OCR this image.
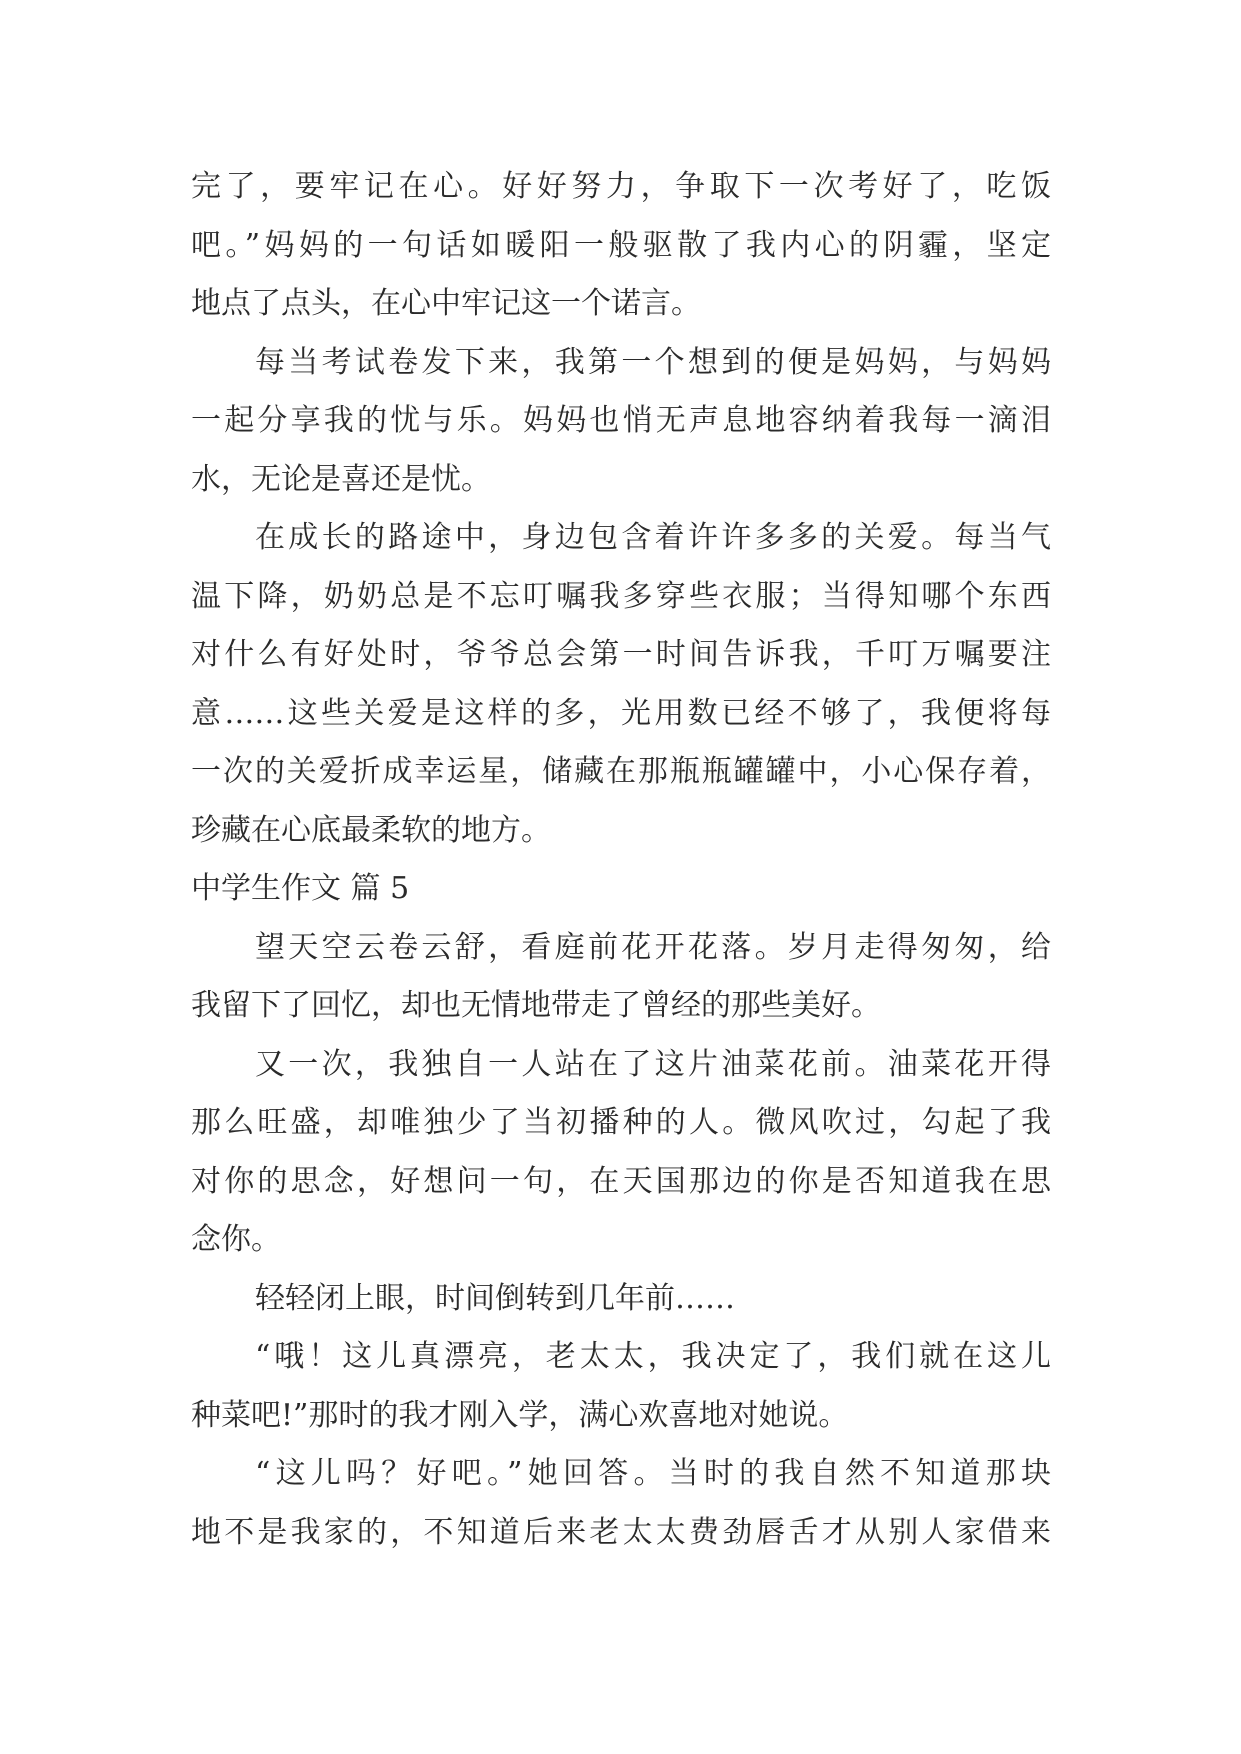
完了，要牢记在心。好好努力，争取下一次考好了，吃饭
吧。”妈妈的一句话如暖阳一般驱散了我内心的阴霾，坚定
地点了点头，在心中牢记这一个诺言。
每当考试卷发下来，我第一个想到的便是妈妈，与妈妈
一起分享我的忧与乐。妈妈也悄无声息地容纳着我每一滴泪
水，无论是喜还是忧。
在成长的路途中，身边包含着许许多多的关爱。每当气
温下降，奶奶总是不忘叮嘱我多穿些衣服；当得知哪个东西
对什么有好处时，爷爷总会第一时间告诉我，千叮万嘱要注
意……这些关爱是这样的多，光用数已经不够了，我便将每
一次的关爱折成幸运星，储藏在那瓶瓶罐罐中，小心保存着，
珍藏在心底最柔软的地方。
中学生作文 篇 5
望天空云卷云舒，看庭前花开花落。岁月走得匆匆，给
我留下了回忆，却也无情地带走了曾经的那些美好。
又一次，我独自一人站在了这片油菜花前。油菜花开得
那么旺盛，却唯独少了当初播种的人。微风吹过，勾起了我
对你的思念，好想问一句，在天国那边的你是否知道我在思
念你。
轻轻闭上眼，时间倒转到几年前……
“哦！这儿真漂亮，老太太，我决定了，我们就在这儿
种菜吧!”那时的我才刚入学，满心欢喜地对她说。
“这儿吗？好吧。”她回答。当时的我自然不知道那块
地不是我家的，不知道后来老太太费劲唇舌才从别人家借来
